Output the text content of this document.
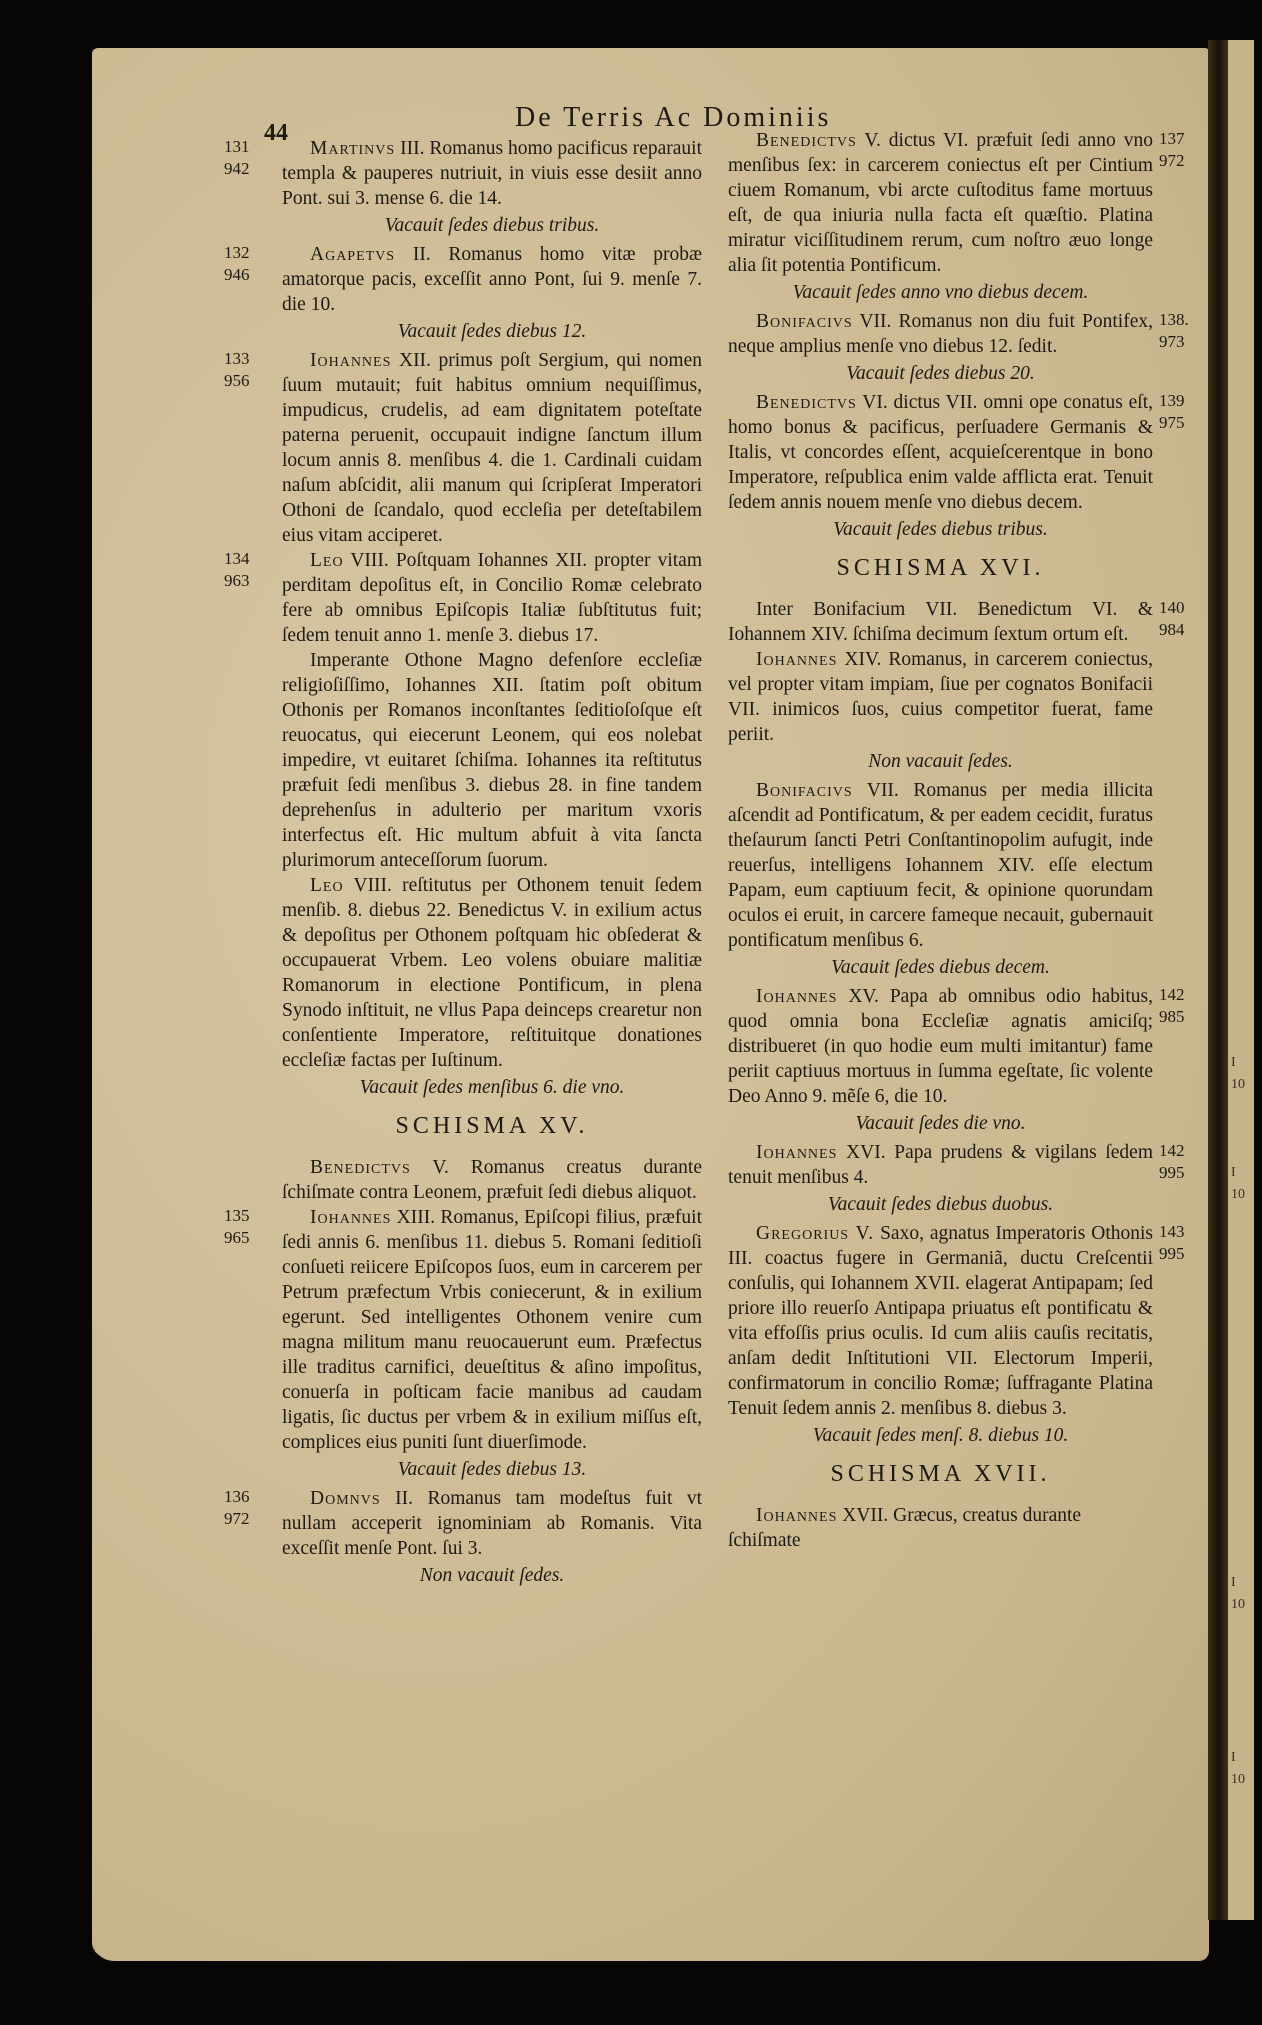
I
10
I
10
I
10
I
10
44	De Terris Ac Dominiis
131
942

Martinvs III. Romanus homo pacificus reparauit templa & pauperes nutriuit, in viuis esse desiit anno Pont. sui 3. mense 6. die 14.

Vacauit ſedes diebus tribus.
132
946

Agapetvs II. Romanus homo vitæ probæ amatorque pacis, exceſſit anno Pont, ſui 9. menſe 7. die 10.

Vacauit ſedes diebus 12.
133
956

Iohannes XII. primus poſt Sergium, qui nomen ſuum mutauit; fuit habitus omnium nequiſſimus, impudicus, crudelis, ad eam dignitatem poteſtate paterna peruenit, occupauit indigne ſanctum illum locum annis 8. menſibus 4. die 1. Cardinali cuidam naſum abſcidit, alii manum qui ſcripſerat Imperatori Othoni de ſcandalo, quod eccleſia per deteſtabilem eius vitam acciperet.

134
963

Leo VIII. Poſtquam Iohannes XII. propter vitam perditam depoſitus eſt, in Concilio Romæ celebrato fere ab omnibus Epiſcopis Italiæ ſubſtitutus fuit; ſedem tenuit anno 1. menſe 3. diebus 17.

Imperante Othone Magno defenſore eccleſiæ religioſiſſimo, Iohannes XII. ſtatim poſt obitum Othonis per Romanos inconſtantes ſeditioſoſque eſt reuocatus, qui eiecerunt Leonem, qui eos nolebat impedire, vt euitaret ſchiſma. Iohannes ita reſtitutus præfuit ſedi menſibus 3. diebus 28. in fine tandem deprehenſus in adulterio per maritum vxoris interfectus eſt. Hic multum abfuit à vita ſancta plurimorum anteceſſorum ſuorum.

Leo VIII. reſtitutus per Othonem tenuit ſedem menſib. 8. diebus 22. Benedictus V. in exilium actus & depoſitus per Othonem poſtquam hic obſederat & occupauerat Vrbem. Leo volens obuiare malitiæ Romanorum in electione Pontificum, in plena Synodo inſtituit, ne vllus Papa deinceps crearetur non conſentiente Imperatore, reſtituitque donationes eccleſiæ factas per Iuſtinum.

Vacauit ſedes menſibus 6. die vno.
SCHISMA XV.

Benedictvs V. Romanus creatus durante ſchiſmate contra Leonem, præfuit ſedi diebus aliquot.

135
965

Iohannes XIII. Romanus, Epiſcopi filius, præfuit ſedi annis 6. menſibus 11. diebus 5. Romani ſeditioſi conſueti reiicere Epiſcopos ſuos, eum in carcerem per Petrum præfectum Vrbis coniecerunt, & in exilium egerunt. Sed intelligentes Othonem venire cum magna militum manu reuocauerunt eum. Præfectus ille traditus carnifici, deueſtitus & aſino impoſitus, conuerſa in poſticam facie manibus ad caudam ligatis, ſic ductus per vrbem & in exilium miſſus eſt, complices eius puniti ſunt diuerſimode.

Vacauit ſedes diebus 13.
136
972

Domnvs II. Romanus tam modeſtus fuit vt nullam acceperit ignominiam ab Romanis. Vita exceſſit menſe Pont. ſui 3.

Non vacauit ſedes.
137
972

Benedictvs V. dictus VI. præfuit ſedi anno vno menſibus ſex: in carcerem coniectus eſt per Cintium ciuem Romanum, vbi arcte cuſtoditus fame mortuus eſt, de qua iniuria nulla facta eſt quæſtio. Platina miratur viciſſitudinem rerum, cum noſtro æuo longe alia ſit potentia Pontificum.

Vacauit ſedes anno vno diebus decem.
138.
973

Bonifacivs VII. Romanus non diu fuit Pontifex, neque amplius menſe vno diebus 12. ſedit.

Vacauit ſedes diebus 20.
139
975

Benedictvs VI. dictus VII. omni ope conatus eſt, homo bonus & pacificus, perſuadere Germanis & Italis, vt concordes eſſent, acquieſcerentque in bono Imperatore, reſpublica enim valde afflicta erat. Tenuit ſedem annis nouem menſe vno diebus decem.

Vacauit ſedes diebus tribus.
SCHISMA XVI.
140
984

Inter Bonifacium VII. Benedictum VI. & Iohannem XIV. ſchiſma decimum ſextum ortum eſt.

Iohannes XIV. Romanus, in carcerem coniectus, vel propter vitam impiam, ſiue per cognatos Bonifacii VII. inimicos ſuos, cuius competitor fuerat, fame periit.

Non vacauit ſedes.

Bonifacivs VII. Romanus per media illicita aſcendit ad Pontificatum, & per eadem cecidit, furatus theſaurum ſancti Petri Conſtantinopolim aufugit, inde reuerſus, intelligens Iohannem XIV. eſſe electum Papam, eum captiuum fecit, & opinione quorundam oculos ei eruit, in carcere fameque necauit, gubernauit pontificatum menſibus 6.

Vacauit ſedes diebus decem.
142
985

Iohannes XV. Papa ab omnibus odio habitus, quod omnia bona Eccleſiæ agnatis amiciſq; distribueret (in quo hodie eum multi imitantur) fame periit captiuus mortuus in ſumma egeſtate, ſic volente Deo Anno 9. mẽſe 6, die 10.

Vacauit ſedes die vno.
142
995

Iohannes XVI. Papa prudens & vigilans ſedem tenuit menſibus 4.

Vacauit ſedes diebus duobus.
143
995

Gregorius V. Saxo, agnatus Imperatoris Othonis III. coactus fugere in Germaniã, ductu Creſcentii conſulis, qui Iohannem XVII. elagerat Antipapam; ſed priore illo reuerſo Antipapa priuatus eſt pontificatu & vita effoſſis prius oculis. Id cum aliis cauſis recitatis, anſam dedit Inſtitutioni VII. Electorum Imperii, confirmatorum in concilio Romæ; ſuffragante Platina Tenuit ſedem annis 2. menſibus 8. diebus 3.

Vacauit ſedes menſ. 8. diebus 10.
SCHISMA XVII.

Iohannes XVII. Græcus, creatus durante

ſchiſmate
